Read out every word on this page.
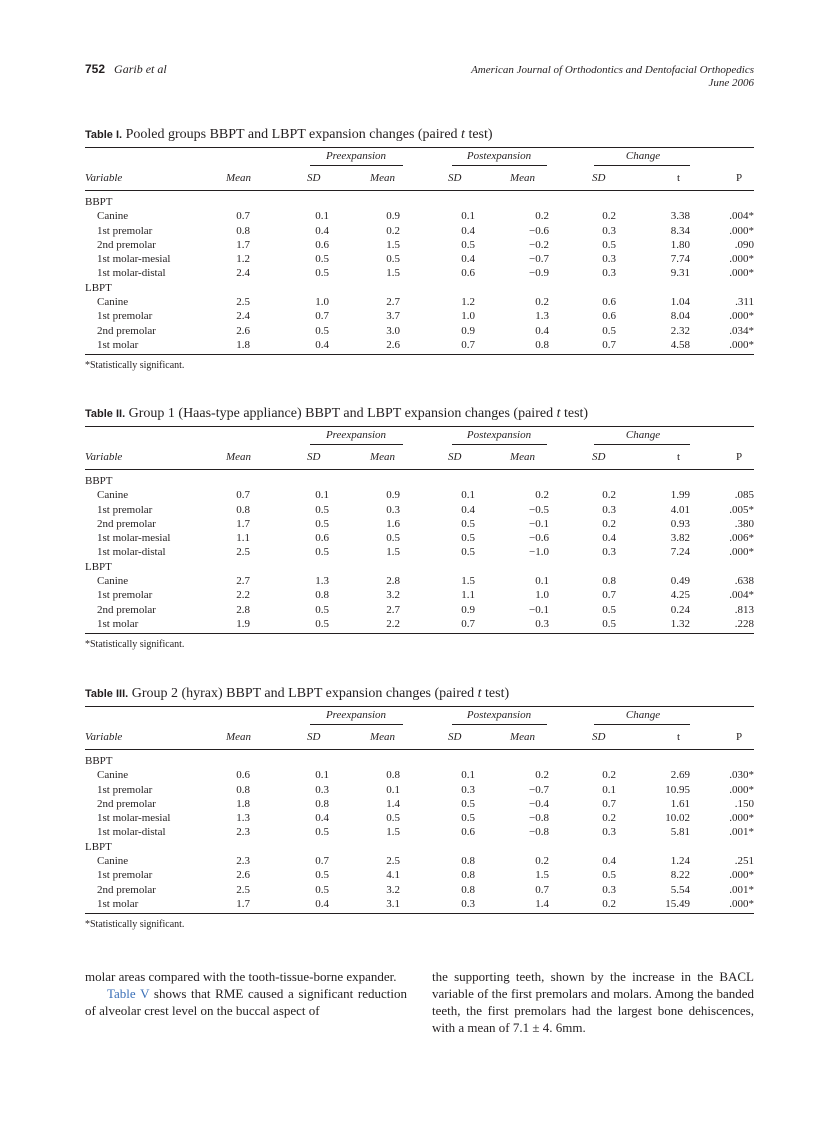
752 Garib et al	American Journal of Orthodontics and Dentofacial Orthopedics
June 2006
Table I. Pooled groups BBPT and LBPT expansion changes (paired t test)
Preexpansion	Postexpansion	Change
Variable	Mean	SD	Mean	SD	Mean	SD	t	P
BBPT
Canine	0.7	0.1	0.9	0.1	0.2	0.2	3.38	.004*
1st premolar	0.8	0.4	0.2	0.4	−0.6	0.3	8.34	.000*
2nd premolar	1.7	0.6	1.5	0.5	−0.2	0.5	1.80	.090
1st molar-mesial	1.2	0.5	0.5	0.4	−0.7	0.3	7.74	.000*
1st molar-distal	2.4	0.5	1.5	0.6	−0.9	0.3	9.31	.000*
LBPT
Canine	2.5	1.0	2.7	1.2	0.2	0.6	1.04	.311
1st premolar	2.4	0.7	3.7	1.0	1.3	0.6	8.04	.000*
2nd premolar	2.6	0.5	3.0	0.9	0.4	0.5	2.32	.034*
1st molar	1.8	0.4	2.6	0.7	0.8	0.7	4.58	.000*
*Statistically significant.
Table II. Group 1 (Haas-type appliance) BBPT and LBPT expansion changes (paired t test)
Preexpansion	Postexpansion	Change
Variable	Mean	SD	Mean	SD	Mean	SD	t	P
BBPT
Canine	0.7	0.1	0.9	0.1	0.2	0.2	1.99	.085
1st premolar	0.8	0.5	0.3	0.4	−0.5	0.3	4.01	.005*
2nd premolar	1.7	0.5	1.6	0.5	−0.1	0.2	0.93	.380
1st molar-mesial	1.1	0.6	0.5	0.5	−0.6	0.4	3.82	.006*
1st molar-distal	2.5	0.5	1.5	0.5	−1.0	0.3	7.24	.000*
LBPT
Canine	2.7	1.3	2.8	1.5	0.1	0.8	0.49	.638
1st premolar	2.2	0.8	3.2	1.1	1.0	0.7	4.25	.004*
2nd premolar	2.8	0.5	2.7	0.9	−0.1	0.5	0.24	.813
1st molar	1.9	0.5	2.2	0.7	0.3	0.5	1.32	.228
*Statistically significant.
Table III. Group 2 (hyrax) BBPT and LBPT expansion changes (paired t test)
Preexpansion	Postexpansion	Change
Variable	Mean	SD	Mean	SD	Mean	SD	t	P
BBPT
Canine	0.6	0.1	0.8	0.1	0.2	0.2	2.69	.030*
1st premolar	0.8	0.3	0.1	0.3	−0.7	0.1	10.95	.000*
2nd premolar	1.8	0.8	1.4	0.5	−0.4	0.7	1.61	.150
1st molar-mesial	1.3	0.4	0.5	0.5	−0.8	0.2	10.02	.000*
1st molar-distal	2.3	0.5	1.5	0.6	−0.8	0.3	5.81	.001*
LBPT
Canine	2.3	0.7	2.5	0.8	0.2	0.4	1.24	.251
1st premolar	2.6	0.5	4.1	0.8	1.5	0.5	8.22	.000*
2nd premolar	2.5	0.5	3.2	0.8	0.7	0.3	5.54	.001*
1st molar	1.7	0.4	3.1	0.3	1.4	0.2	15.49	.000*
*Statistically significant.

molar areas compared with the tooth-tissue-borne expander.

Table V shows that RME caused a significant reduction of alveolar crest level on the buccal aspect of

the supporting teeth, shown by the increase in the BACL variable of the first premolars and molars. Among the banded teeth, the first premolars had the largest bone dehiscences, with a mean of 7.1 ± 4. 6mm.
